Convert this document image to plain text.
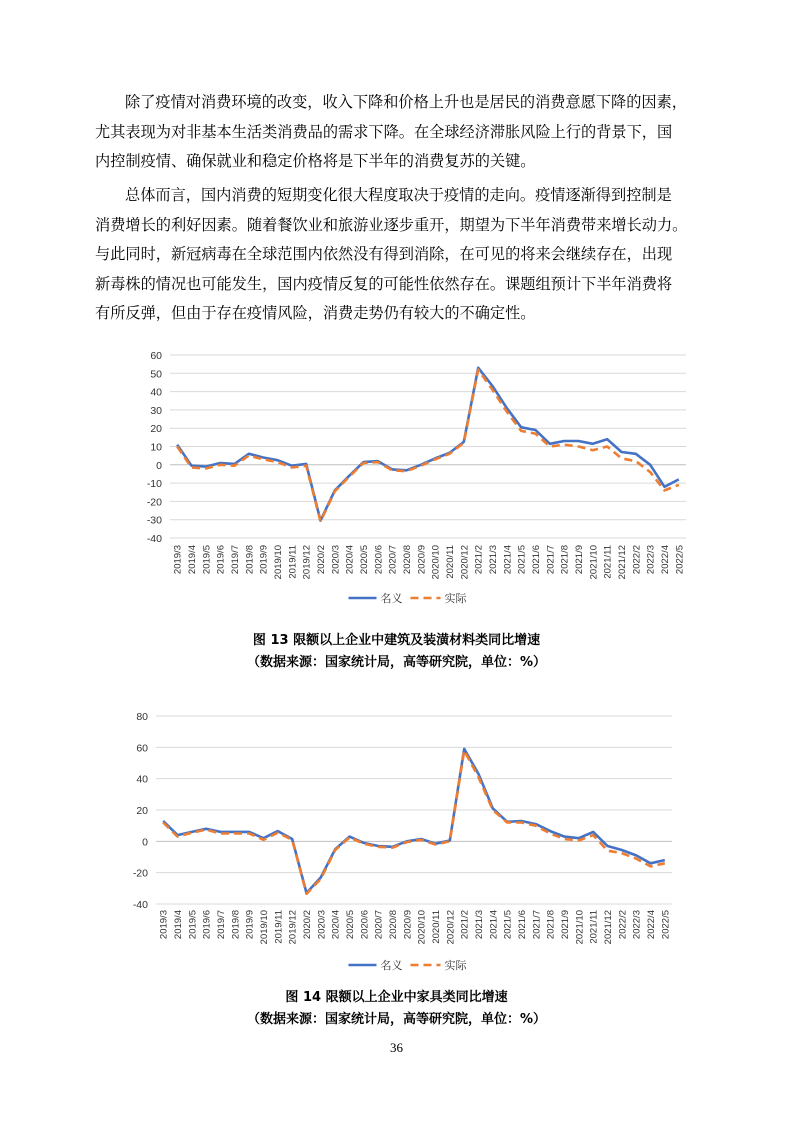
除了疫情对消费环境的改变，收入下降和价格上升也是居民的消费意愿下降的因素，
尤其表现为对非基本生活类消费品的需求下降。在全球经济滞胀风险上行的背景下，国
内控制疫情、确保就业和稳定价格将是下半年的消费复苏的关键。
总体而言，国内消费的短期变化很大程度取决于疫情的走向。疫情逐渐得到控制是
消费增长的利好因素。随着餐饮业和旅游业逐步重开，期望为下半年消费带来增长动力。
与此同时，新冠病毒在全球范围内依然没有得到消除，在可见的将来会继续存在，出现
新毒株的情况也可能发生，国内疫情反复的可能性依然存在。课题组预计下半年消费将
有所反弹，但由于存在疫情风险，消费走势仍有较大的不确定性。
60
50
40
30
20
10
0
-10
-20
-30
-40
2019/3 2019/4 2019/5 2019/6 2019/7 2019/8 2019/9 2019/10 2019/11 2019/12 2020/2 2020/3 2020/4 2020/5 2020/6 2020/7 2020/8 2020/9 2020/10 2020/11 2020/12 2021/2 2021/3 2021/4 2021/5 2021/6 2021/7 2021/8 2021/9 2021/10 2021/11 2021/12 2022/2 2022/3 2022/4 2022/5
名义	实际
80
60
40
20
0
-20
-40
2019/3 2019/4 2019/5 2019/6 2019/7 2019/8 2019/9 2019/10 2019/11 2019/12 2020/2 2020/3 2020/4 2020/5 2020/6 2020/7 2020/8 2020/9 2020/10 2020/11 2020/12 2021/2 2021/3 2021/4 2021/5 2021/6 2021/7 2021/8 2021/9 2021/10 2021/11 2021/12 2022/2 2022/3 2022/4 2022/5
名义	实际
图 13 限额以上企业中建筑及装潢材料类同比增速
（数据来源：国家统计局，高等研究院，单位：%）
图 14 限额以上企业中家具类同比增速
（数据来源：国家统计局，高等研究院，单位：%）
36
